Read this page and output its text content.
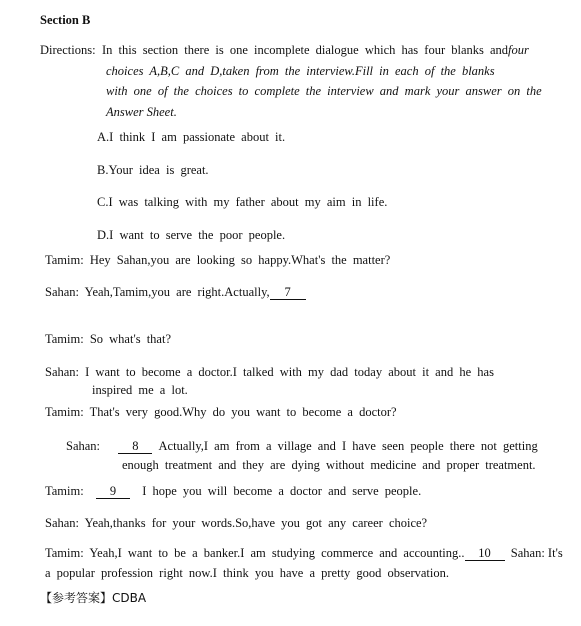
Section B
Directions: In this section there is one incomplete dialogue which has four blanks andfour
choices A,B,C and D,taken from the interview.Fill in each of the blanks
with one of the choices to complete the interview and mark your answer on the
Answer Sheet.
A.I think I am passionate about it.
B.Your idea is great.
C.I was talking with my father about my aim in life.
D.I want to serve the poor people.
Tamim: Hey Sahan,you are looking so happy.What's the matter?
Sahan: Yeah,Tamim,you are right.Actually, 7
Tamim: So what's that?
Sahan: I want to become a doctor.I talked with my dad today about it and he has
inspired me a lot.
Tamim: That's very good.Why do you want to become a doctor?
Sahan:	8 Actually,I am from a village and I have seen people there not getting
enough treatment and they are dying without medicine and proper treatment.
Tamim: 9 I hope you will become a doctor and serve people.
Sahan: Yeah,thanks for your words.So,have you got any career choice?
Tamim: Yeah,I want to be a banker.I am studying commerce and accounting.. 10 Sahan: It's
a popular profession right now.I think you have a pretty good observation.
【参考答案】CDBA
